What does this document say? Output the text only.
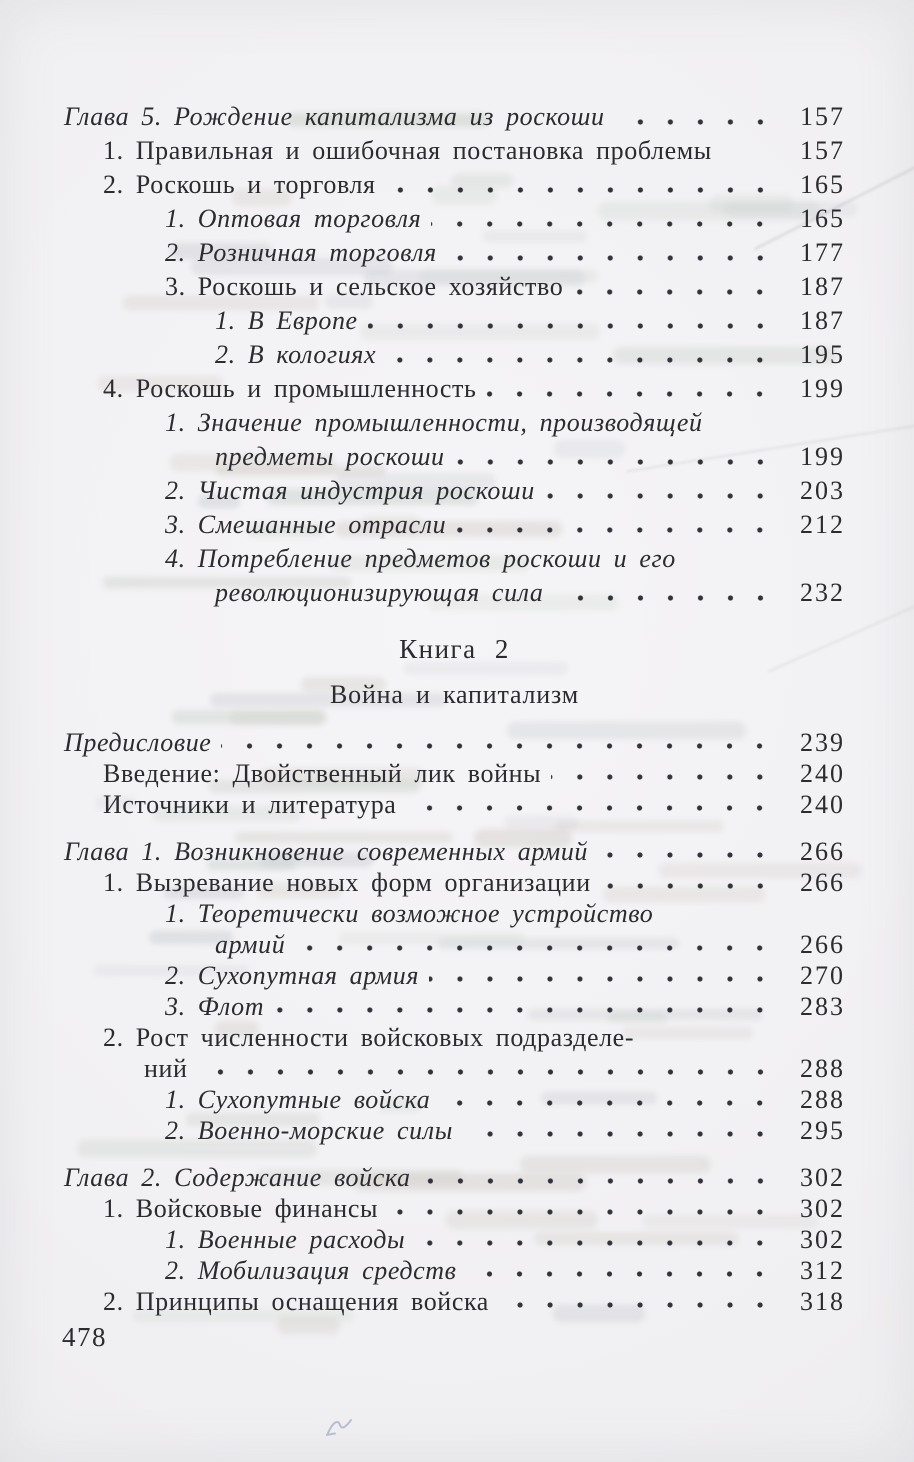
Глава 5. Рождение капитализма из роскоши	157
1. Правильная и ошибочная постановка проблемы	157
2. Роскошь и торговля	165
1. Оптовая торговля	165
2. Розничная торговля	177
3. Роскошь и сельское хозяйство	187
1. В Европе	187
2. В кологиях	195
4. Роскошь и промышленность	199
1. Значение промышленности, производящей
предметы роскоши	199
2. Чистая индустрия роскоши	203
3. Смешанные отрасли	212
4. Потребление предметов роскоши и его
революционизирующая сила	232
Книга 2
Война и капитализм
Предисловие	239
Введение: Двойственный лик войны	240
Источники и литература	240
Глава 1. Возникновение современных армий	266
1. Вызревание новых форм организации	266
1. Теоретически возможное устройство
армий	266
2. Сухопутная армия	270
3. Флот	283
2. Рост численности войсковых подразделе-
ний	288
1. Сухопутные войска	288
2. Военно-морские силы	295
Глава 2. Содержание войска	302
1. Войсковые финансы	302
1. Военные расходы	302
2. Мобилизация средств	312
2. Принципы оснащения войска	318
478
